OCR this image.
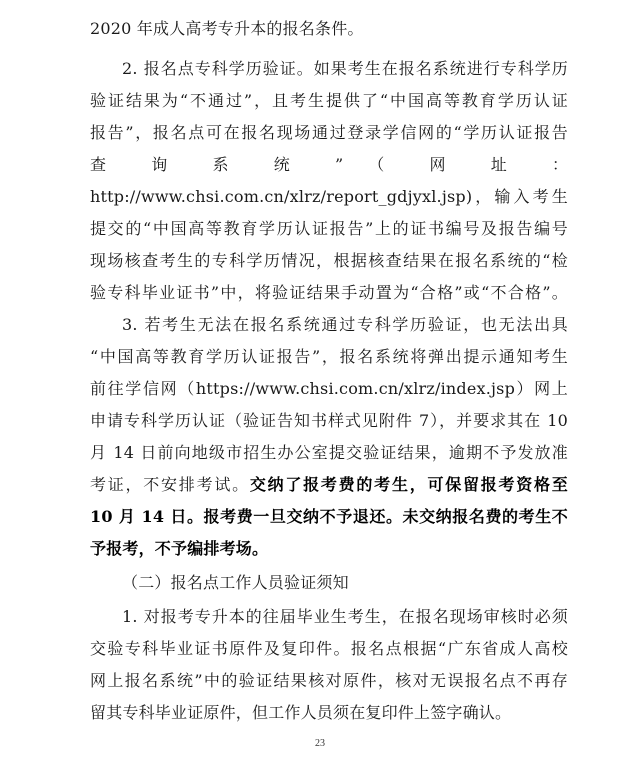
2020 年成人高考专升本的报名条件。
2. 报名点专科学历验证。如果考生在报名系统进行专科学历
验证结果为“不通过”，且考生提供了“中国高等教育学历认证
报告”，报名点可在报名现场通过登录学信网的“学历认证报告
查 询 系 统 ” （ 网 址 ：
http://www.chsi.com.cn/xlrz/report_gdjyxl.jsp)，输入考生
提交的“中国高等教育学历认证报告”上的证书编号及报告编号
现场核查考生的专科学历情况，根据核查结果在报名系统的“检
验专科毕业证书”中，将验证结果手动置为“合格”或“不合格”。
3. 若考生无法在报名系统通过专科学历验证，也无法出具
“中国高等教育学历认证报告”，报名系统将弹出提示通知考生
前往学信网（https://www.chsi.com.cn/xlrz/index.jsp）网上
申请专科学历认证（验证告知书样式见附件 7），并要求其在 10
月 14 日前向地级市招生办公室提交验证结果，逾期不予发放准
考证，不安排考试。交纳了报考费的考生，可保留报考资格至
10 月 14 日。报考费一旦交纳不予退还。未交纳报名费的考生不
予报考，不予编排考场。
（二）报名点工作人员验证须知
1. 对报考专升本的往届毕业生考生，在报名现场审核时必须
交验专科毕业证书原件及复印件。报名点根据“广东省成人高校
网上报名系统”中的验证结果核对原件，核对无误报名点不再存
留其专科毕业证原件，但工作人员须在复印件上签字确认。
23
